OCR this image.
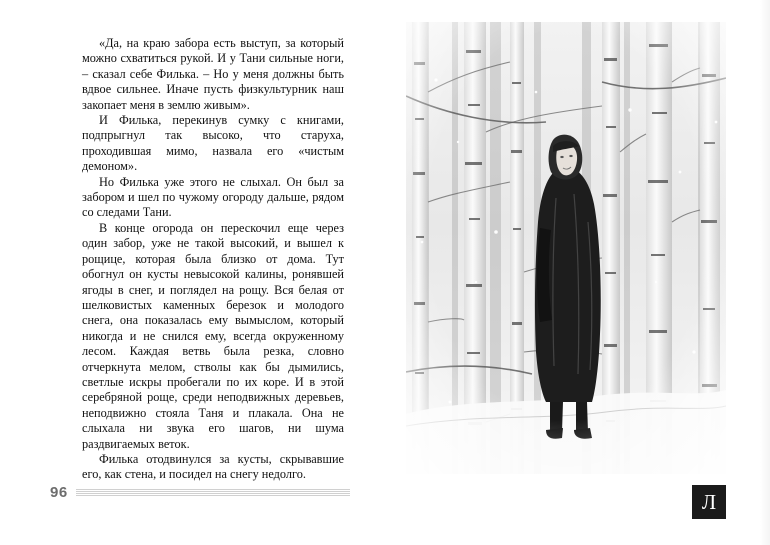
«Да, на краю забора есть выступ, за который можно схватиться рукой. И у Тани сильные ноги, – сказал себе Филька. – Но у меня должны быть вдвое сильнее. Иначе пусть физкультурник наш закопает меня в землю живым».

И Филька, перекинув сумку с книгами, подпрыгнул так высоко, что старуха, проходившая мимо, назвала его «чистым демоном».

Но Филька уже этого не слыхал. Он был за забором и шел по чужому огороду дальше, рядом со следами Тани.

В конце огорода он перескочил еще через один забор, уже не такой высокий, и вышел к рощице, которая была близко от дома. Тут обогнул он кусты невысокой калины, ронявшей ягоды в снег, и поглядел на рощу. Вся белая от шелковистых каменных березок и молодого снега, она показалась ему вымыслом, который никогда и не снился ему, всегда окруженному лесом. Каждая ветвь была резка, словно отчеркнута мелом, стволы как бы дымились, светлые искры пробегали по их коре. И в этой серебряной роще, среди неподвижных деревьев, неподвижно стояла Таня и плакала. Она не слыхала ни звука его шагов, ни шума раздвигаемых веток.

Филька отодвинулся за кусты, скрывавшие его, как стена, и посидел на снегу недолго.

96	Л
